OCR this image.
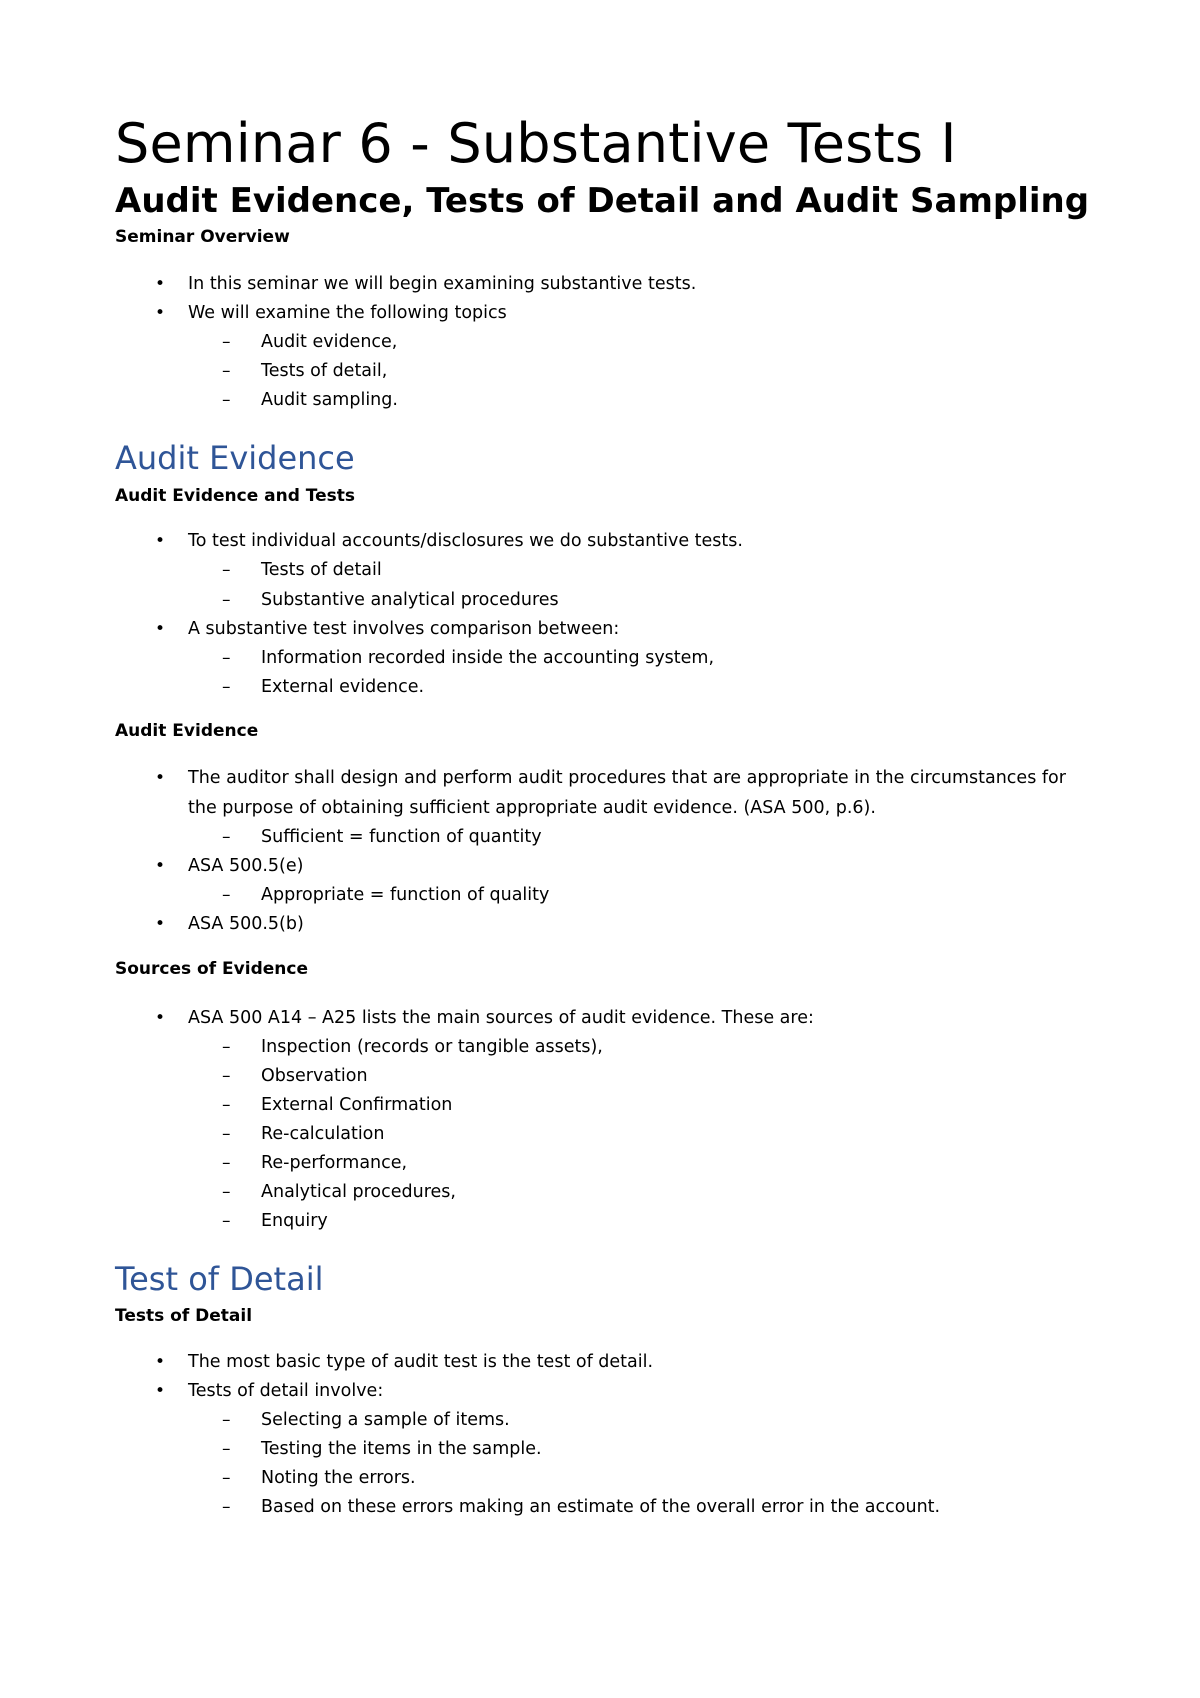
Seminar 6 - Substantive Tests I
Audit Evidence, Tests of Detail and Audit Sampling
Seminar Overview
• In this seminar we will begin examining substantive tests.
• We will examine the following topics
– Audit evidence,
– Tests of detail,
– Audit sampling.
Audit Evidence
Audit Evidence and Tests
• To test individual accounts/disclosures we do substantive tests.
– Tests of detail
– Substantive analytical procedures
• A substantive test involves comparison between:
– Information recorded inside the accounting system,
– External evidence.
Audit Evidence
• The auditor shall design and perform audit procedures that are appropriate in the circumstances for
the purpose of obtaining sufficient appropriate audit evidence. (ASA 500, p.6).
– Sufficient = function of quantity
• ASA 500.5(e)
– Appropriate = function of quality
• ASA 500.5(b)
Sources of Evidence
• ASA 500 A14 – A25 lists the main sources of audit evidence. These are:
– Inspection (records or tangible assets),
– Observation
– External Confirmation
– Re-calculation
– Re-performance,
– Analytical procedures,
– Enquiry
Test of Detail
Tests of Detail
• The most basic type of audit test is the test of detail.
• Tests of detail involve:
– Selecting a sample of items.
– Testing the items in the sample.
– Noting the errors.
– Based on these errors making an estimate of the overall error in the account.
